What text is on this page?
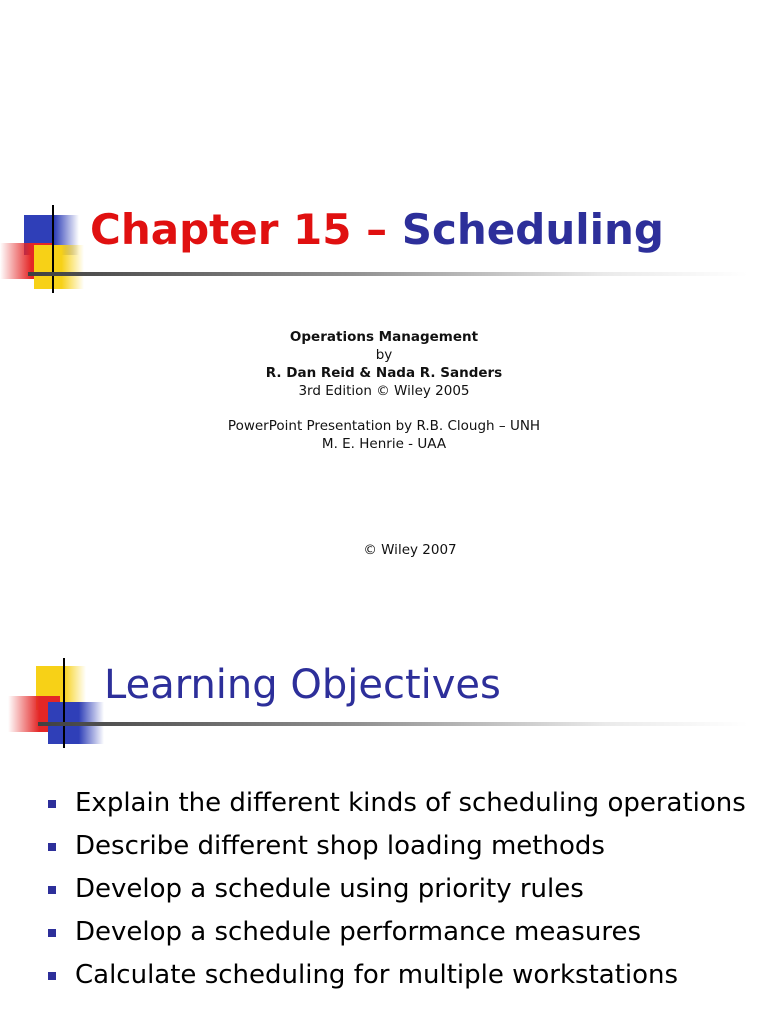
Chapter 15 – Scheduling
Operations Management
by
R. Dan Reid & Nada R. Sanders
3rd Edition © Wiley 2005
PowerPoint Presentation by R.B. Clough – UNH
M. E. Henrie - UAA
© Wiley 2007
Learning Objectives
Explain the different kinds of scheduling operations
Describe different shop loading methods
Develop a schedule using priority rules
Develop a schedule performance measures
Calculate scheduling for multiple workstations
